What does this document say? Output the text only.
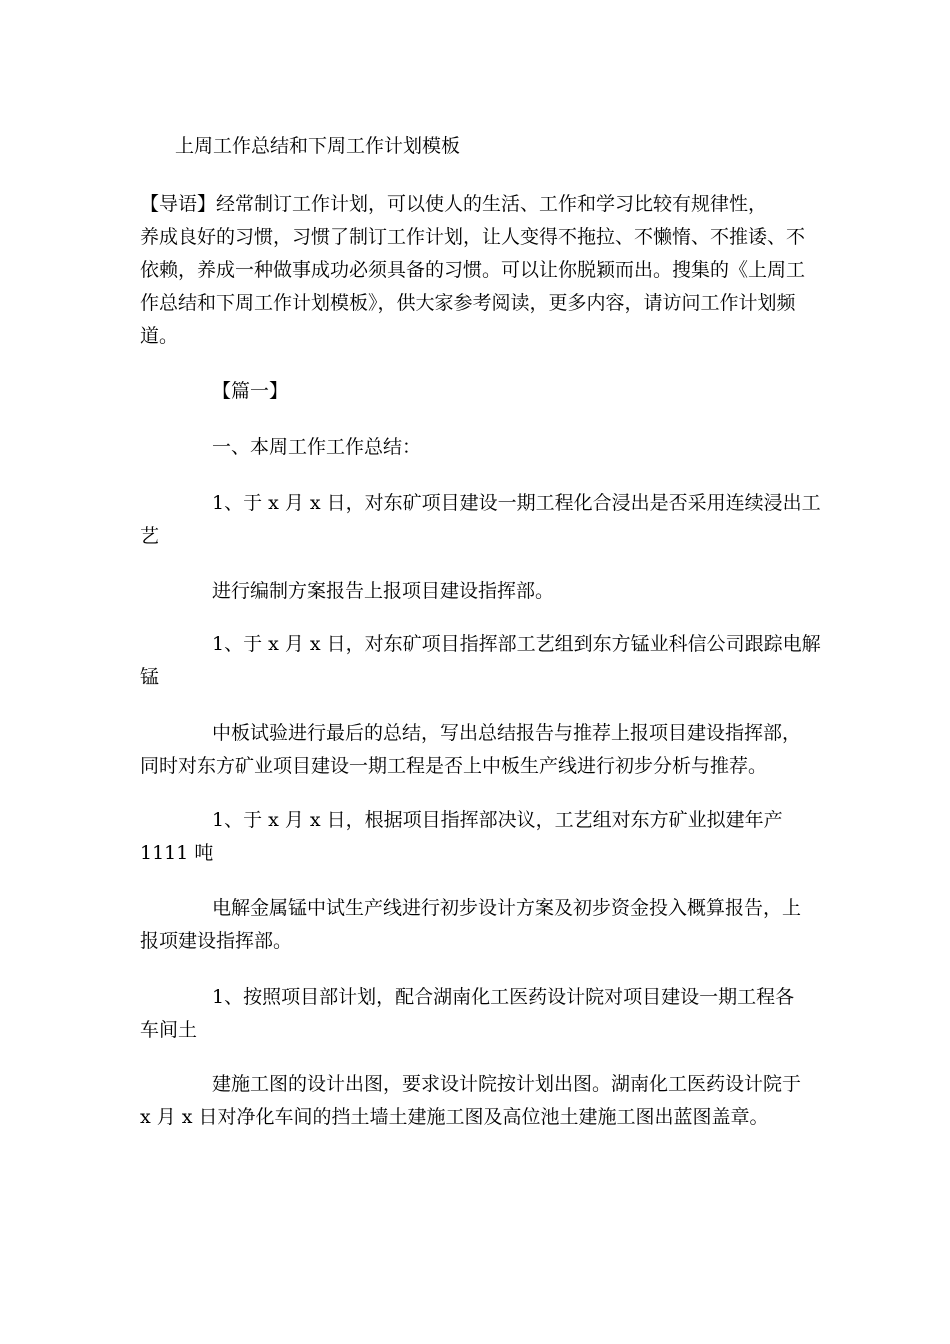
上周工作总结和下周工作计划模板

【导语】经常制订工作计划，可以使人的生活、工作和学习比较有规律性，

养成良好的习惯，习惯了制订工作计划，让人变得不拖拉、不懒惰、不推诿、不

依赖，养成一种做事成功必须具备的习惯。可以让你脱颖而出。搜集的《上周工

作总结和下周工作计划模板》，供大家参考阅读，更多内容，请访问工作计划频

道。

【篇一】

一、本周工作工作总结：

1、于 x 月 x 日，对东矿项目建设一期工程化合浸出是否采用连续浸出工

艺

进行编制方案报告上报项目建设指挥部。

1、于 x 月 x 日，对东矿项目指挥部工艺组到东方锰业科信公司跟踪电解

锰

中板试验进行最后的总结，写出总结报告与推荐上报项目建设指挥部，

同时对东方矿业项目建设一期工程是否上中板生产线进行初步分析与推荐。

1、于 x 月 x 日，根据项目指挥部决议，工艺组对东方矿业拟建年产

1111 吨

电解金属锰中试生产线进行初步设计方案及初步资金投入概算报告，上

报项建设指挥部。

1、按照项目部计划，配合湖南化工医药设计院对项目建设一期工程各

车间土

建施工图的设计出图，要求设计院按计划出图。湖南化工医药设计院于

x 月 x 日对净化车间的挡土墙土建施工图及高位池土建施工图出蓝图盖章。
